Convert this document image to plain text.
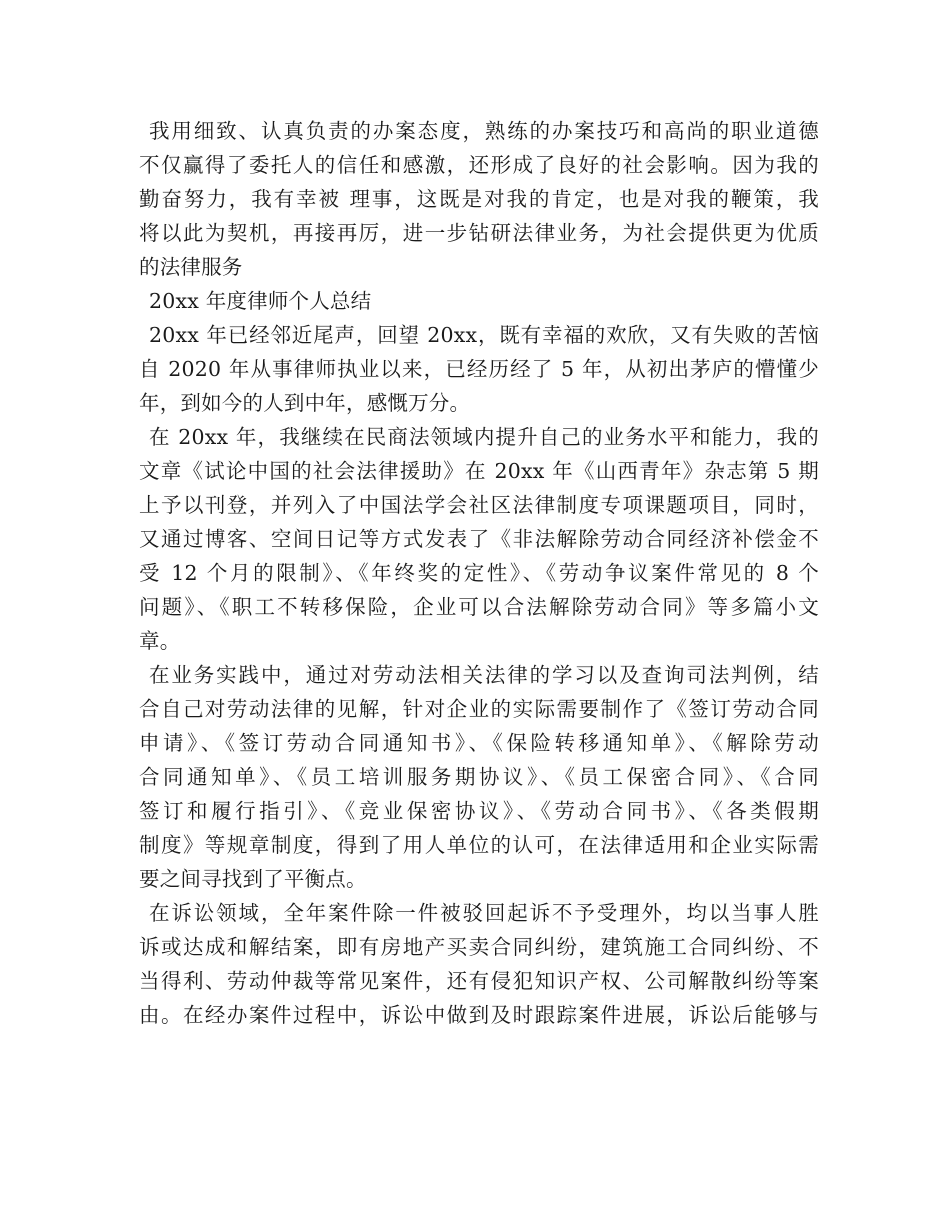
我用细致、认真负责的办案态度，熟练的办案技巧和高尚的职业道德
不仅赢得了委托人的信任和感激，还形成了良好的社会影响。因为我的
勤奋努力，我有幸被 理事，这既是对我的肯定，也是对我的鞭策，我
将以此为契机，再接再厉，进一步钻研法律业务，为社会提供更为优质
的法律服务
20xx 年度律师个人总结
20xx 年已经邻近尾声，回望 20xx，既有幸福的欢欣，又有失败的苦恼
自 2020 年从事律师执业以来，已经历经了 5 年，从初出茅庐的懵懂少
年，到如今的人到中年，感慨万分。
在 20xx 年，我继续在民商法领域内提升自己的业务水平和能力，我的
文章《试论中国的社会法律援助》在 20xx 年《山西青年》杂志第 5 期
上予以刊登，并列入了中国法学会社区法律制度专项课题项目，同时，
又通过博客、空间日记等方式发表了《非法解除劳动合同经济补偿金不
受 12 个月的限制》、《年终奖的定性》、《劳动争议案件常见的 8 个
问题》、《职工不转移保险，企业可以合法解除劳动合同》等多篇小文
章。
在业务实践中，通过对劳动法相关法律的学习以及查询司法判例，结
合自己对劳动法律的见解，针对企业的实际需要制作了《签订劳动合同
申请》、《签订劳动合同通知书》、《保险转移通知单》、《解除劳动
合同通知单》、《员工培训服务期协议》、《员工保密合同》、《合同
签订和履行指引》、《竞业保密协议》、《劳动合同书》、《各类假期
制度》等规章制度，得到了用人单位的认可，在法律适用和企业实际需
要之间寻找到了平衡点。
在诉讼领域，全年案件除一件被驳回起诉不予受理外，均以当事人胜
诉或达成和解结案，即有房地产买卖合同纠纷，建筑施工合同纠纷、不
当得利、劳动仲裁等常见案件，还有侵犯知识产权、公司解散纠纷等案
由。在经办案件过程中，诉讼中做到及时跟踪案件进展，诉讼后能够与
